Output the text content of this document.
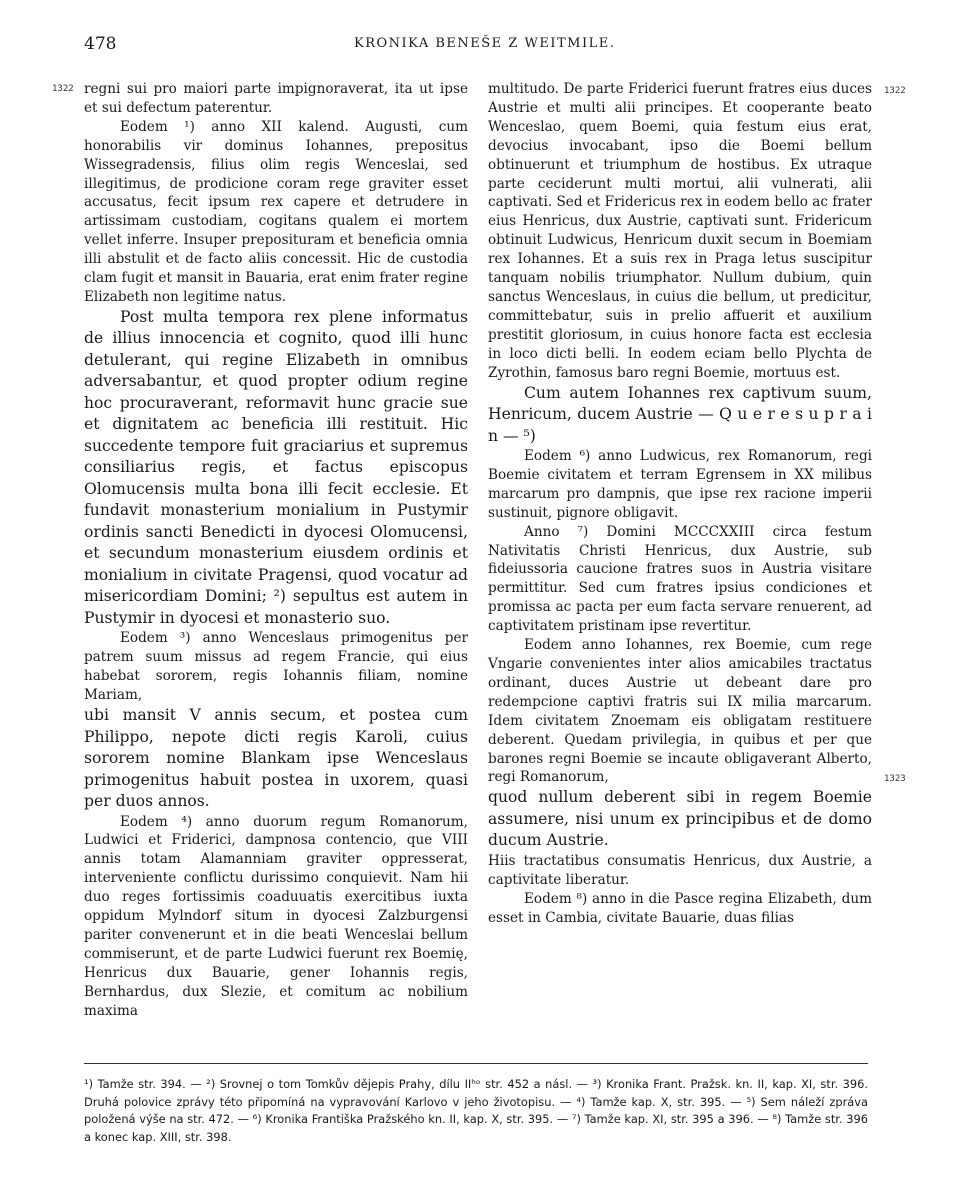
478	KRONIKA BENEŠE Z WEITMILE.
1322	1322
1323

regni sui pro maiori parte impignoraverat, ita ut ipse et sui defectum paterentur.

Eodem ¹) anno XII kalend. Augusti, cum honorabilis vir dominus Iohannes, prepositus Wissegradensis, filius olim regis Wenceslai, sed illegitimus, de prodicione coram rege graviter esset accusatus, fecit ipsum rex capere et detrudere in artissimam custodiam, cogitans qualem ei mortem vellet inferre. Insuper preposituram et beneficia omnia illi abstulit et de facto aliis concessit. Hic de custodia clam fugit et mansit in Bauaria, erat enim frater regine Elizabeth non legitime natus.

Post multa tempora rex plene informatus de illius innocencia et cognito, quod illi hunc detulerant, qui regine Elizabeth in omnibus adversabantur, et quod propter odium regine hoc procuraverant, reformavit hunc gracie sue et dignitatem ac beneficia illi restituit. Hic succedente tempore fuit graciarius et supremus consiliarius regis, et factus episcopus Olomucensis multa bona illi fecit ecclesie. Et fundavit monasterium monialium in Pustymir ordinis sancti Benedicti in dyocesi Olomucensi, et secundum monasterium eiusdem ordinis et monialium in civitate Pragensi, quod vocatur ad misericordiam Domini; ²) sepultus est autem in Pustymir in dyocesi et monasterio suo.

Eodem ³) anno Wenceslaus primogenitus per patrem suum missus ad regem Francie, qui eius habebat sororem, regis Iohannis filiam, nomine Mariam,

ubi mansit V annis secum, et postea cum Philippo, nepote dicti regis Karoli, cuius sororem nomine Blankam ipse Wenceslaus primogenitus habuit postea in uxorem, quasi per duos annos.

Eodem ⁴) anno duorum regum Romanorum, Ludwici et Friderici, dampnosa contencio, que VIII annis totam Alamanniam graviter oppresserat, interveniente conflictu durissimo conquievit. Nam hii duo reges fortissimis coaduuatis exercitibus iuxta oppidum Mylndorf situm in dyocesi Zalzburgensi pariter convenerunt et in die beati Wenceslai bellum commiserunt, et de parte Ludwici fuerunt rex Boemię, Henricus dux Bauarie, gener Iohannis regis, Bernhardus, dux Slezie, et comitum ac nobilium maxima

multitudo. De parte Friderici fuerunt fratres eius duces Austrie et multi alii principes. Et cooperante beato Wenceslao, quem Boemi, quia festum eius erat, devocius invocabant, ipso die Boemi bellum obtinuerunt et triumphum de hostibus. Ex utraque parte ceciderunt multi mortui, alii vulnerati, alii captivati. Sed et Fridericus rex in eodem bello ac frater eius Henricus, dux Austrie, captivati sunt. Fridericum obtinuit Ludwicus, Henricum duxit secum in Boemiam rex Iohannes. Et a suis rex in Praga letus suscipitur tanquam nobilis triumphator. Nullum dubium, quin sanctus Wenceslaus, in cuius die bellum, ut predicitur, committebatur, suis in prelio affuerit et auxilium prestitit gloriosum, in cuius honore facta est ecclesia in loco dicti belli. In eodem eciam bello Plychta de Zyrothin, famosus baro regni Boemie, mortuus est.

Cum autem Iohannes rex captivum suum, Henricum, ducem Austrie — Q u e r e s u p r a i n — ⁵)

Eodem ⁶) anno Ludwicus, rex Romanorum, regi Boemie civitatem et terram Egrensem in XX milibus marcarum pro dampnis, que ipse rex racione imperii sustinuit, pignore obligavit.

Anno ⁷) Domini MCCCXXIII circa festum Nativitatis Christi Henricus, dux Austrie, sub fideiussoria caucione fratres suos in Austria visitare permittitur. Sed cum fratres ipsius condiciones et promissa ac pacta per eum facta servare renuerent, ad captivitatem pristinam ipse revertitur.

Eodem anno Iohannes, rex Boemie, cum rege Vngarie convenientes inter alios amicabiles tractatus ordinant, duces Austrie ut debeant dare pro redempcione captivi fratris sui IX milia marcarum. Idem civitatem Znoemam eis obligatam restituere deberent. Quedam privilegia, in quibus et per que barones regni Boemie se incaute obligaverant Alberto, regi Romanorum,

quod nullum deberent sibi in regem Boemie assumere, nisi unum ex principibus et de domo ducum Austrie.

Hiis tractatibus consumatis Henricus, dux Austrie, a captivitate liberatur.

Eodem ⁸) anno in die Pasce regina Elizabeth, dum esset in Cambia, civitate Bauarie, duas filias

¹) Tamže str. 394. — ²) Srovnej o tom Tomkův dějepis Prahy, dílu IIʰᵒ str. 452 a násl. — ³) Kronika Frant. Pražsk. kn. II, kap. XI, str. 396. Druhá polovice zprávy této připomíná na vypravování Karlovo v jeho životopisu. — ⁴) Tamže kap. X, str. 395. — ⁵) Sem náleží zpráva položená výše na str. 472. — ⁶) Kronika Františka Pražského kn. II, kap. X, str. 395. — ⁷) Tamže kap. XI, str. 395 a 396. — ⁸) Tamže str. 396 a konec kap. XIII, str. 398.
